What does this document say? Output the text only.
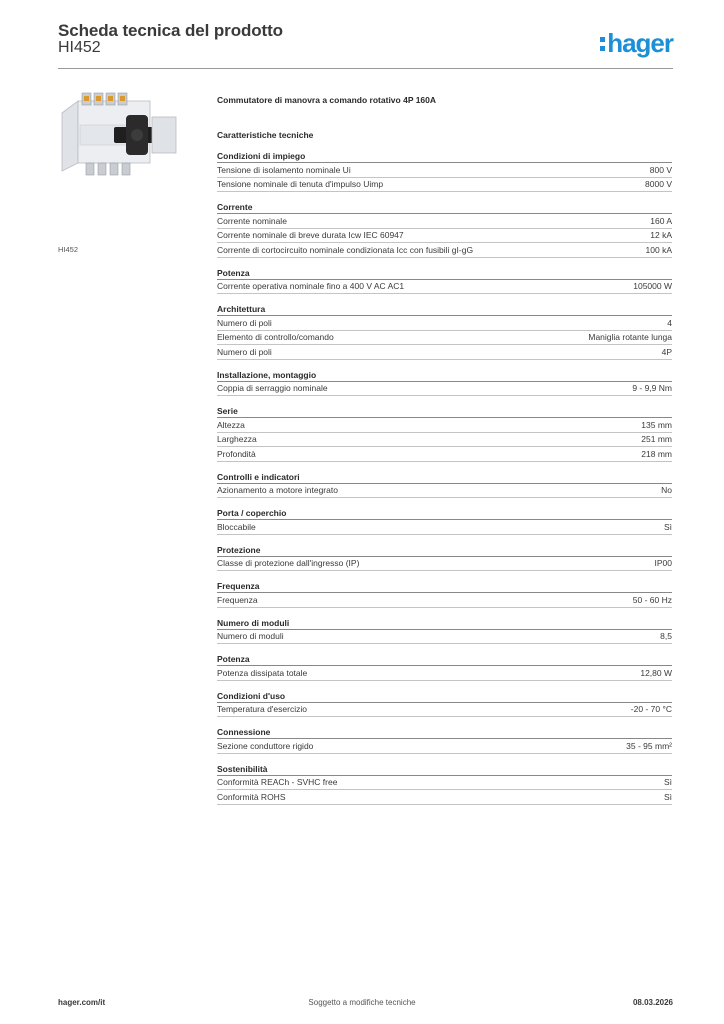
Scheda tecnica del prodotto
HI452	hager
HI452
Commutatore di manovra a comando rotativo 4P 160A
Caratteristiche tecniche
Condizioni di impiego
Tensione di isolamento nominale Ui	800 V
Tensione nominale di tenuta d'impulso Uimp	8000 V
Corrente
Corrente nominale	160 A
Corrente nominale di breve durata Icw IEC 60947	12 kA
Corrente di cortocircuito nominale condizionata Icc con fusibili gI-gG	100 kA
Potenza
Corrente operativa nominale fino a 400 V AC AC1	105000 W
Architettura
Numero di poli	4
Elemento di controllo/comando	Maniglia rotante lunga
Numero di poli	4P
Installazione, montaggio
Coppia di serraggio nominale	9 - 9,9 Nm
Serie
Altezza	135 mm
Larghezza	251 mm
Profondità	218 mm
Controlli e indicatori
Azionamento a motore integrato	No
Porta / coperchio
Bloccabile	Sì
Protezione
Classe di protezione dall'ingresso (IP)	IP00
Frequenza
Frequenza	50 - 60 Hz
Numero di moduli
Numero di moduli	8,5
Potenza
Potenza dissipata totale	12,80 W
Condizioni d'uso
Temperatura d'esercizio	-20 - 70 °C
Connessione
Sezione conduttore rigido	35 - 95 mm²
Sostenibilità
Conformità REACh - SVHC free	Sì
Conformità ROHS	Sì
hager.com/it	Soggetto a modifiche tecniche	08.03.2026
